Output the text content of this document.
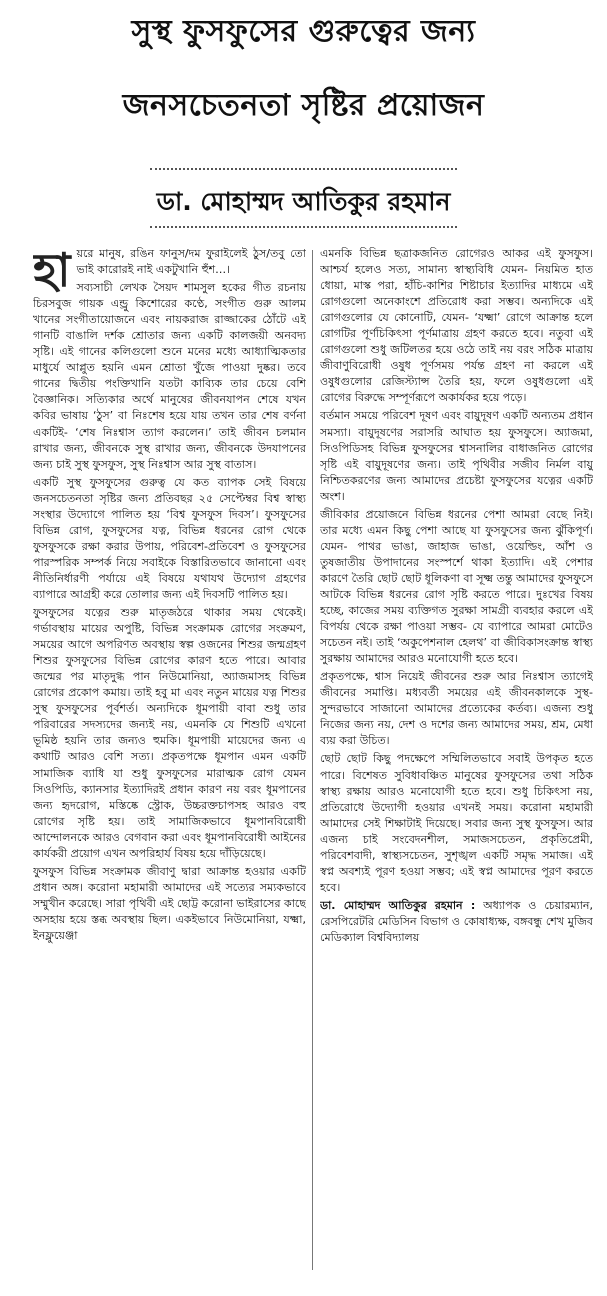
সুস্থ ফুসফুসের গুরুত্বের জন্য
জনসচেতনতা সৃষ্টির প্রয়োজন
ডা. মোহাম্মদ আতিকুর রহমান

হায়রে মানুষ, রঙিন ফানুস/দম ফুরাইলেই ঠুস/তবু তো ভাই কারোরই নাই একটুখানি হুঁশ…।

সব্যসাচী লেখক সৈয়দ শামসুল হকের গীত রচনায় চিরসবুজ গায়ক এন্ড্রু কিশোরের কণ্ঠে, সংগীত গুরু আলম খানের সংগীতায়োজনে এবং নায়করাজ রাজ্জাকের ঠোঁটে এই গানটি বাঙালি দর্শক শ্রোতার জন্য একটি কালজয়ী অনবদ্য সৃষ্টি। এই গানের কলিগুলো শুনে মনের মধ্যে আধ্যাত্মিকতার মাধুর্যে আপ্লুত হয়নি এমন শ্রোতা খুঁজে পাওয়া দুষ্কর। তবে গানের দ্বিতীয় পংক্তিখানি যতটা কাব্যিক তার চেয়ে বেশি বৈজ্ঞানিক। সত্যিকার অর্থে মানুষের জীবনযাপন শেষে যখন কবির ভাষায় ‘ঠুস’ বা নিঃশেষ হয়ে যায় তখন তার শেষ বর্ণনা একটিই- ‘শেষ নিঃশ্বাস ত্যাগ করলেন।’ তাই জীবন চলমান রাখার জন্য, জীবনকে সুস্থ রাখার জন্য, জীবনকে উদযাপনের জন্য চাই সুস্থ ফুসফুস, সুস্থ নিঃশ্বাস আর সুস্থ বাতাস।

একটি সুস্থ ফুসফুসের গুরুত্ব যে কত ব্যাপক সেই বিষয়ে জনসচেতনতা সৃষ্টির জন্য প্রতিবছর ২৫ সেপ্টেম্বর বিশ্ব স্বাস্থ্য সংস্থার উদ্যোগে পালিত হয় ‘বিশ্ব ফুসফুস দিবস’। ফুসফুসের বিভিন্ন রোগ, ফুসফুসের যত্ন, বিভিন্ন ধরনের রোগ থেকে ফুসফুসকে রক্ষা করার উপায়, পরিবেশ-প্রতিবেশ ও ফুসফুসের পারস্পরিক সম্পর্ক নিয়ে সবাইকে বিস্তারিতভাবে জানানো এবং নীতিনির্ধারণী পর্যায়ে এই বিষয়ে যথাযথ উদ্যোগ গ্রহণের ব্যাপারে আগ্রহী করে তোলার জন্য এই দিবসটি পালিত হয়।

ফুসফুসের যত্নের শুরু মাতৃজঠরে থাকার সময় থেকেই। গর্ভাবস্থায় মায়ের অপুষ্টি, বিভিন্ন সংক্রামক রোগের সংক্রমণ, সময়ের আগে অপরিণত অবস্থায় স্বল্প ওজনের শিশুর জন্মগ্রহণ শিশুর ফুসফুসের বিভিন্ন রোগের কারণ হতে পারে। আবার জন্মের পর মাতৃদুগ্ধ পান নিউমোনিয়া, অ্যাজমাসহ বিভিন্ন রোগের প্রকোপ কমায়। তাই হবু মা এবং নতুন মায়ের যত্ন শিশুর সুস্থ ফুসফুসের পূর্বশর্ত। অন্যদিকে ধূমপায়ী বাবা শুধু তার পরিবারের সদস্যদের জন্যই নয়, এমনকি যে শিশুটি এখনো ভূমিষ্ঠ হয়নি তার জন্যও হুমকি। ধূমপায়ী মায়েদের জন্য এ কথাটি আরও বেশি সত্য। প্রকৃতপক্ষে ধূমপান এমন একটি সামাজিক ব্যাধি যা শুধু ফুসফুসের মারাত্মক রোগ যেমন সিওপিডি, ক্যানসার ইত্যাদিরই প্রধান কারণ নয় বরং ধূমপানের জন্য হৃদরোগ, মস্তিষ্কে স্ট্রোক, উচ্চরক্তচাপসহ আরও বহু রোগের সৃষ্টি হয়। তাই সামাজিকভাবে ধূমপানবিরোধী আন্দোলনকে আরও বেগবান করা এবং ধূমপানবিরোধী আইনের কার্যকরী প্রয়োগ এখন অপরিহার্য বিষয় হয়ে দাঁড়িয়েছে।

ফুসফুস বিভিন্ন সংক্রামক জীবাণু দ্বারা আক্রান্ত হওয়ার একটি প্রধান অঙ্গ। করোনা মহামারী আমাদের এই সত্যের সম্যকভাবে সম্মুখীন করেছে। সারা পৃথিবী এই ছোট্ট করোনা ভাইরাসের কাছে অসহায় হয়ে স্তব্ধ অবস্থায় ছিল। একইভাবে নিউমোনিয়া, যক্ষ্মা, ইনফ্লুয়েঞ্জা

এমনকি বিভিন্ন ছত্রাকজনিত রোগেরও আকর এই ফুসফুস। আশ্চর্য হলেও সত্য, সামান্য স্বাস্থ্যবিধি যেমন- নিয়মিত হাত ধোয়া, মাস্ক পরা, হাঁচি-কাশির শিষ্টাচার ইত্যাদির মাধ্যমে এই রোগগুলো অনেকাংশে প্রতিরোধ করা সম্ভব। অন্যদিকে এই রোগগুলোর যে কোনোটি, যেমন- ‘যক্ষ্মা’ রোগে আক্রান্ত হলে রোগটির পূর্ণচিকিৎসা পূর্ণমাত্রায় গ্রহণ করতে হবে। নতুবা এই রোগগুলো শুধু জটিলতর হয়ে ওঠে তাই নয় বরং সঠিক মাত্রায় জীবাণুবিরোধী ওষুধ পূর্ণসময় পর্যন্ত গ্রহণ না করলে এই ওষুধগুলোর রেজিস্ট্যান্স তৈরি হয়, ফলে ওষুধগুলো এই রোগের বিরুদ্ধে সম্পূর্ণরূপে অকার্যকর হয়ে পড়ে।

বর্তমান সময়ে পরিবেশ দূষণ এবং বায়ুদূষণ একটি অন্যতম প্রধান সমস্যা। বায়ুদূষণের সরাসরি আঘাত হয় ফুসফুসে। অ্যাজমা, সিওপিডিসহ বিভিন্ন ফুসফুসের শ্বাসনালির বাধাজনিত রোগের সৃষ্টি এই বায়ুদূষণের জন্য। তাই পৃথিবীর সজীব নির্মল বায়ু নিশ্চিতকরণের জন্য আমাদের প্রচেষ্টা ফুসফুসের যত্নের একটি অংশ।

জীবিকার প্রয়োজনে বিভিন্ন ধরনের পেশা আমরা বেছে নিই। তার মধ্যে এমন কিছু পেশা আছে যা ফুসফুসের জন্য ঝুঁকিপূর্ণ। যেমন- পাথর ভাঙা, জাহাজ ভাঙা, ওয়েল্ডিং, আঁশ ও তুষজাতীয় উপাদানের সংস্পর্শে থাকা ইত্যাদি। এই পেশার কারণে তৈরি ছোট ছোট ধূলিকণা বা সূক্ষ্ম তন্তু আমাদের ফুসফুসে আটকে বিভিন্ন ধরনের রোগ সৃষ্টি করতে পারে। দুঃখের বিষয় হচ্ছে, কাজের সময় ব্যক্তিগত সুরক্ষা সামগ্রী ব্যবহার করলে এই বিপর্যয় থেকে রক্ষা পাওয়া সম্ভব- যে ব্যাপারে আমরা মোটেও সচেতন নই। তাই ‘অকুপেশনাল হেলথ’ বা জীবিকাসংক্রান্ত স্বাস্থ্য সুরক্ষায় আমাদের আরও মনোযোগী হতে হবে।

প্রকৃতপক্ষে, শ্বাস নিয়েই জীবনের শুরু আর নিঃশ্বাস ত্যাগেই জীবনের সমাপ্তি। মধ্যবর্তী সময়ের এই জীবনকালকে সুস্থ-সুন্দরভাবে সাজানো আমাদের প্রত্যেকের কর্তব্য। এজন্য শুধু নিজের জন্য নয়, দেশ ও দশের জন্য আমাদের সময়, শ্রম, মেধা ব্যয় করা উচিত।

ছোট ছোট কিছু পদক্ষেপে সম্মিলিতভাবে সবাই উপকৃত হতে পারে। বিশেষত সুবিধাবঞ্চিত মানুষের ফুসফুসের তথা সঠিক স্বাস্থ্য রক্ষায় আরও মনোযোগী হতে হবে। শুধু চিকিৎসা নয়, প্রতিরোধে উদ্যোগী হওয়ার এখনই সময়। করোনা মহামারী আমাদের সেই শিক্ষাটাই দিয়েছে। সবার জন্য সুস্থ ফুসফুস। আর এজন্য চাই সংবেদনশীল, সমাজসচেতন, প্রকৃতিপ্রেমী, পরিবেশবাদী, স্বাস্থ্যসচেতন, সুশৃঙ্খল একটি সমৃদ্ধ সমাজ। এই স্বপ্ন অবশ্যই পূরণ হওয়া সম্ভব; এই স্বপ্ন আমাদের পূরণ করতে হবে।

ডা. মোহাম্মদ আতিকুর রহমান : অধ্যাপক ও চেয়ারম্যান, রেসপিরেটরি মেডিসিন বিভাগ ও কোষাধ্যক্ষ, বঙ্গবন্ধু শেখ মুজিব মেডিক্যাল বিশ্ববিদ্যালয়
